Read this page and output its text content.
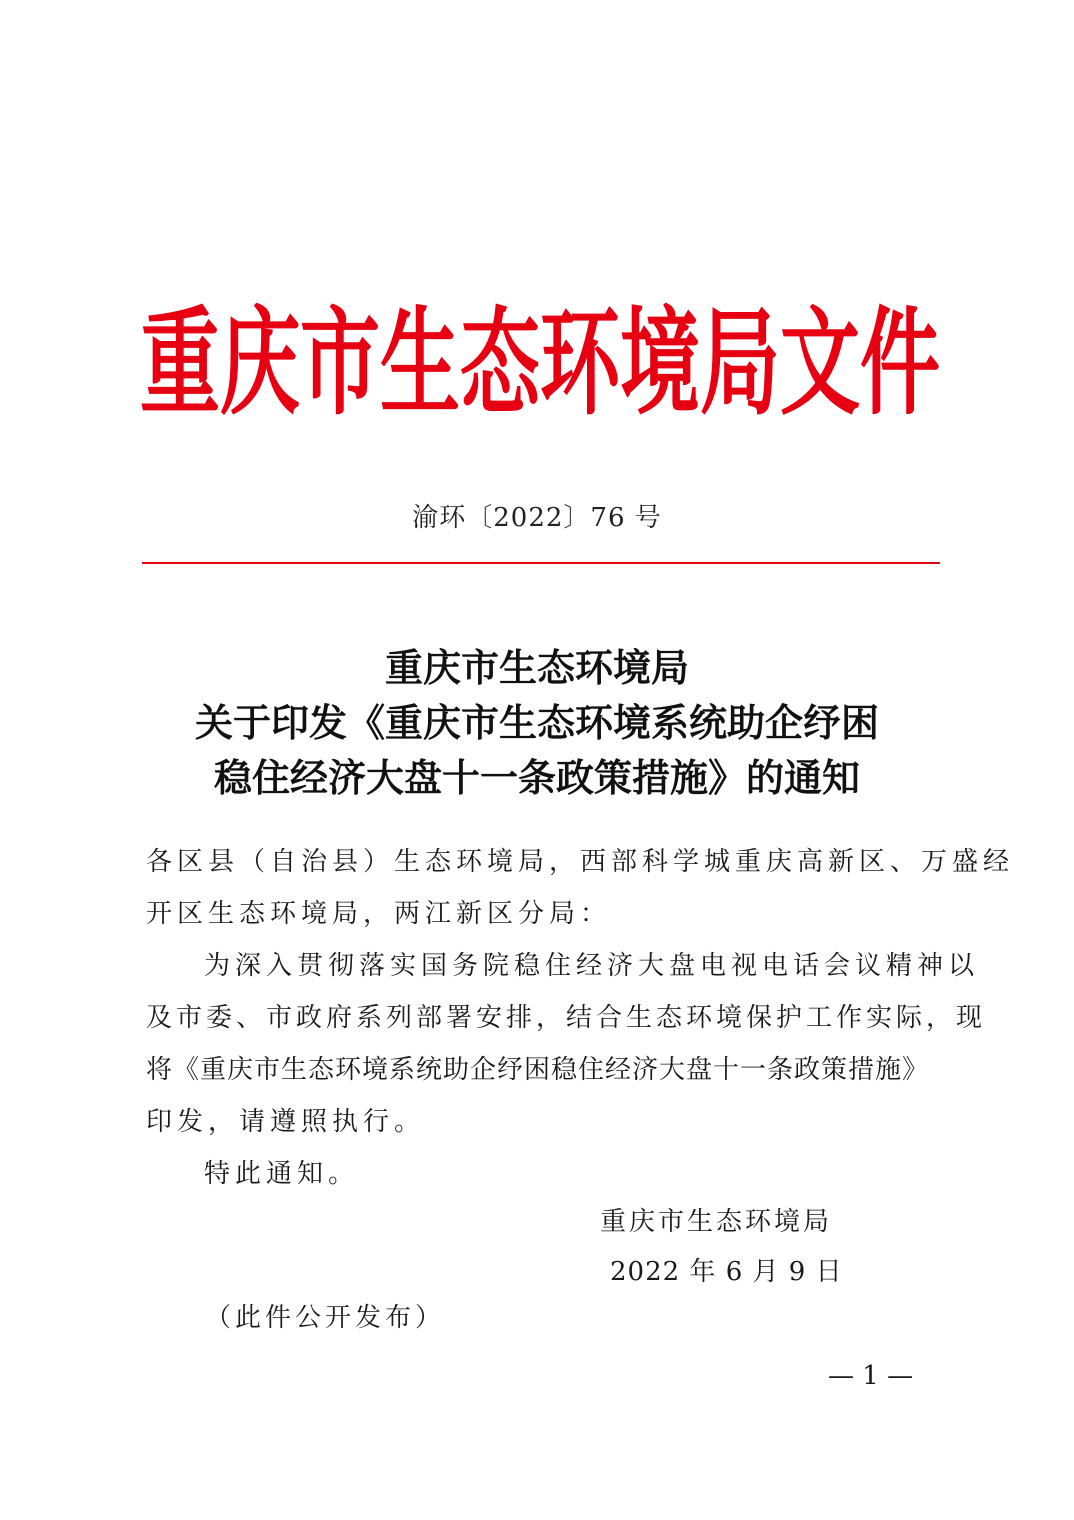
重庆市生态环境局文件
渝环〔2022〕76 号
重庆市生态环境局
关于印发《重庆市生态环境系统助企纾困
稳住经济大盘十一条政策措施》的通知
各区县（自治县）生态环境局，西部科学城重庆高新区、万盛经
开区生态环境局，两江新区分局：
为深入贯彻落实国务院稳住经济大盘电视电话会议精神以
及市委、市政府系列部署安排，结合生态环境保护工作实际，现
将《重庆市生态环境系统助企纾困稳住经济大盘十一条政策措施》
印发，请遵照执行。
特此通知。
重庆市生态环境局
2022 年 6 月 9 日
（此件公开发布）
— 1 —
